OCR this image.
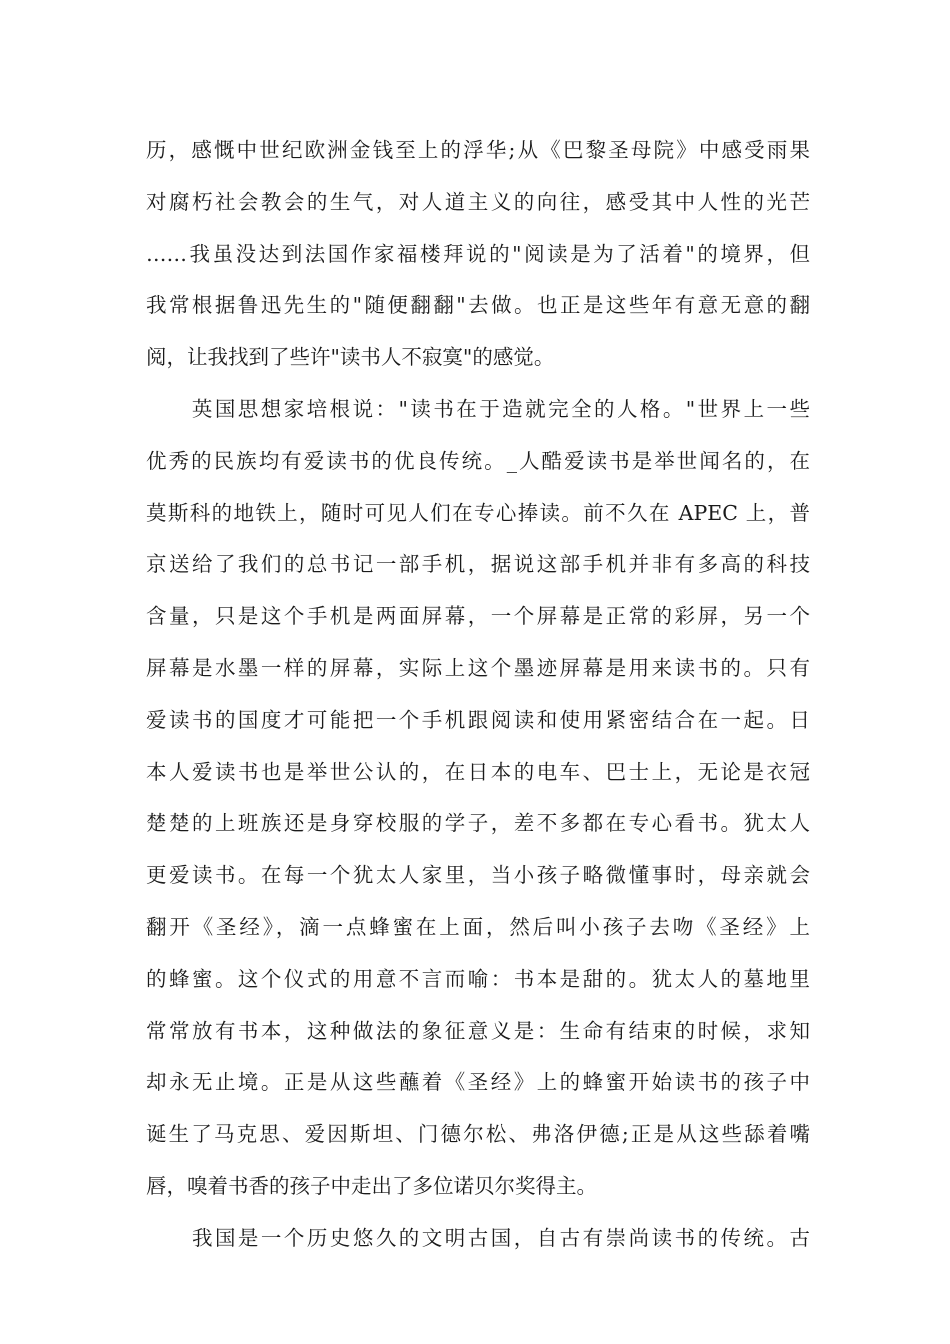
历，感慨中世纪欧洲金钱至上的浮华;从《巴黎圣母院》中感受雨果
对腐朽社会教会的生气，对人道主义的向往，感受其中人性的光芒
……我虽没达到法国作家福楼拜说的"阅读是为了活着"的境界，但
我常根据鲁迅先生的"随便翻翻"去做。也正是这些年有意无意的翻
阅，让我找到了些许"读书人不寂寞"的感觉。
　　英国思想家培根说："读书在于造就完全的人格。"世界上一些
优秀的民族均有爱读书的优良传统。_人酷爱读书是举世闻名的，在
莫斯科的地铁上，随时可见人们在专心捧读。前不久在 APEC 上，普
京送给了我们的总书记一部手机，据说这部手机并非有多高的科技
含量，只是这个手机是两面屏幕，一个屏幕是正常的彩屏，另一个
屏幕是水墨一样的屏幕，实际上这个墨迹屏幕是用来读书的。只有
爱读书的国度才可能把一个手机跟阅读和使用紧密结合在一起。日
本人爱读书也是举世公认的，在日本的电车、巴士上，无论是衣冠
楚楚的上班族还是身穿校服的学子，差不多都在专心看书。犹太人
更爱读书。在每一个犹太人家里，当小孩子略微懂事时，母亲就会
翻开《圣经》，滴一点蜂蜜在上面，然后叫小孩子去吻《圣经》上
的蜂蜜。这个仪式的用意不言而喻：书本是甜的。犹太人的墓地里
常常放有书本，这种做法的象征意义是：生命有结束的时候，求知
却永无止境。正是从这些蘸着《圣经》上的蜂蜜开始读书的孩子中
诞生了马克思、爱因斯坦、门德尔松、弗洛伊德;正是从这些舔着嘴
唇，嗅着书香的孩子中走出了多位诺贝尔奖得主。
　　我国是一个历史悠久的文明古国，自古有崇尚读书的传统。古
